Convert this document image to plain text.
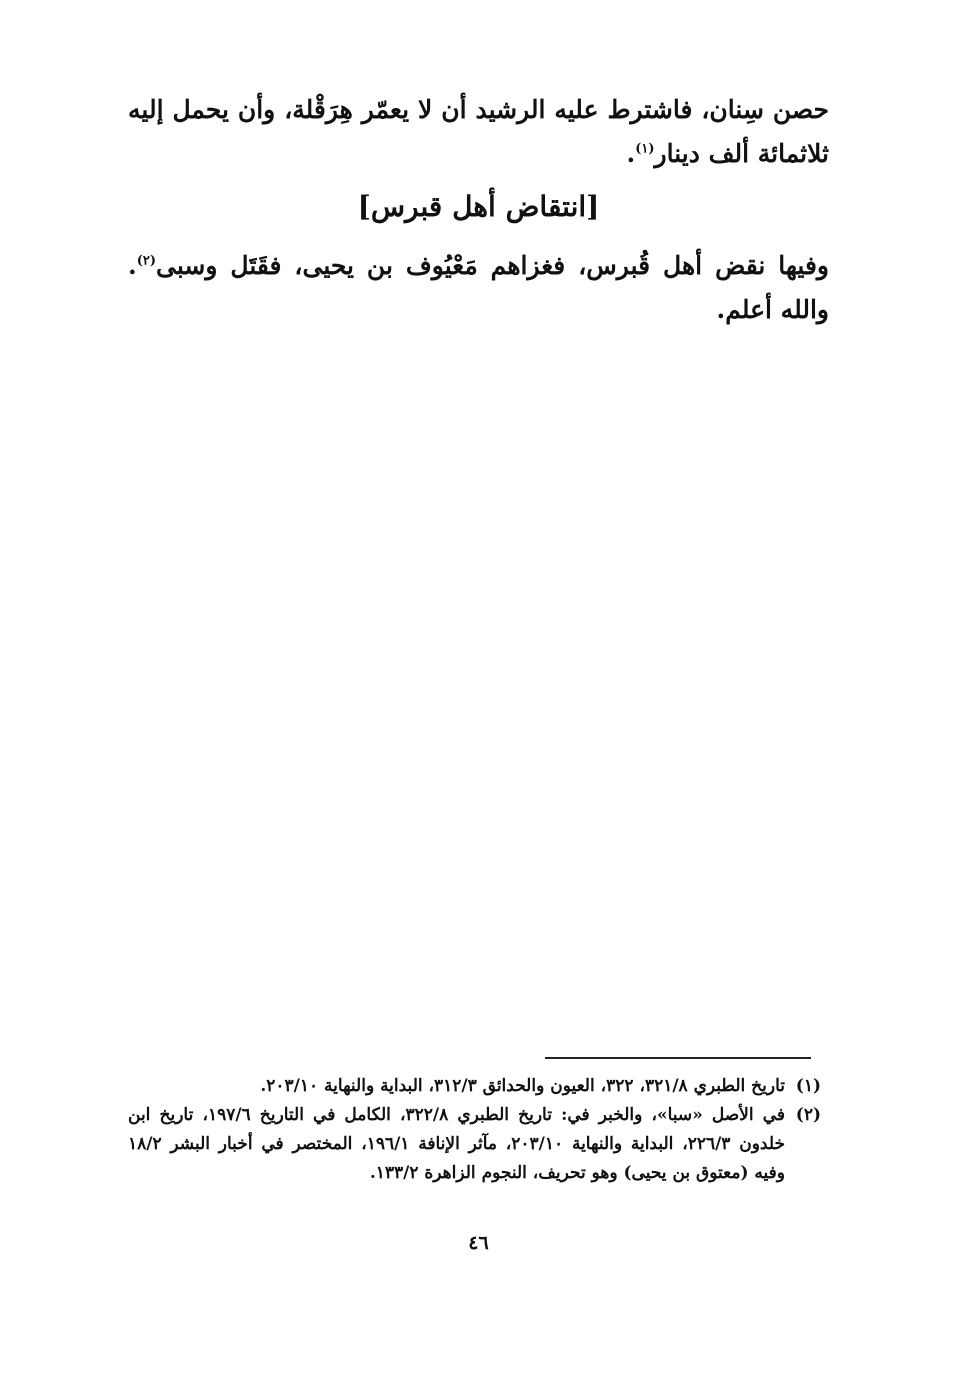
حصن سِنان، فاشترط عليه الرشيد أن لا يعمّر هِرَقْلة، وأن يحمل إليه ثلاثمائة ألف دينار$^{(١)}$.

[انتقاض أهل قبرس]

وفيها نقض أهل قُبرس، فغزاهم مَعْيُوف بن يحيى، فقَتَل وسبى$^{(٢)}$. والله أعلم.

(١)
تاريخ الطبري ٣٢١/٨، ٣٢٢، العيون والحدائق ٣١٢/٣، البداية والنهاية ٢٠٣/١٠.
(٢)
في الأصل «سبا»، والخبر في: تاريخ الطبري ٣٢٢/٨، الكامل في التاريخ ١٩٧/٦، تاريخ ابن خلدون ٢٢٦/٣، البداية والنهاية ٢٠٣/١٠، مآثر الإنافة ١٩٦/١، المختصر في أخبار البشر ١٨/٢ وفيه (معتوق بن يحيى) وهو تحريف، النجوم الزاهرة ١٣٣/٢.
٤٦
